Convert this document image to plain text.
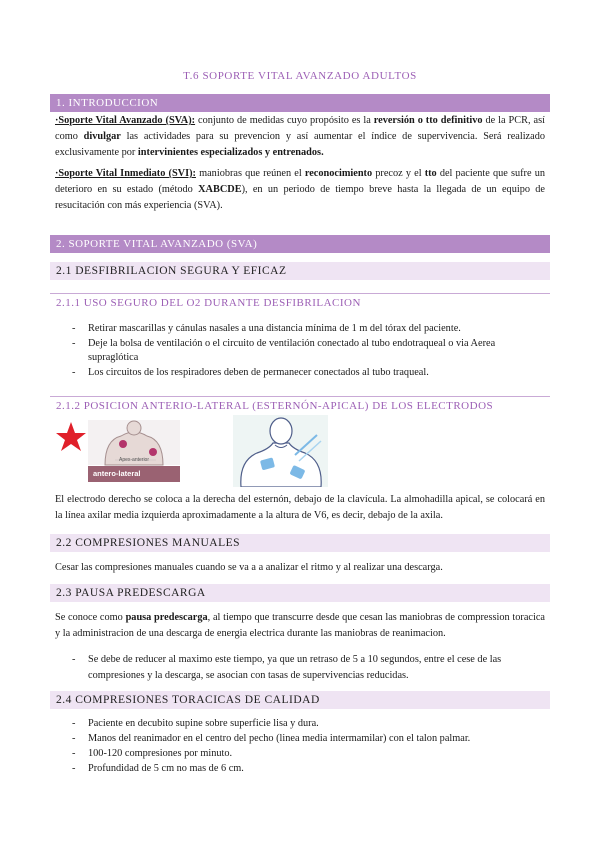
T.6 SOPORTE VITAL AVANZADO ADULTOS
1. INTRODUCCION

·Soporte Vital Avanzado (SVA): conjunto de medidas cuyo propósito es la reversión o tto definitivo de la PCR, así como divulgar las actividades para su prevencion y así aumentar el índice de supervivencia. Será realizado exclusivamente por intervinientes especializados y entrenados.

·Soporte Vital Inmediato (SVI): maniobras que reúnen el reconocimiento precoz y el tto del paciente que sufre un deterioro en su estado (método XABCDE), en un periodo de tiempo breve hasta la llegada de un equipo de resucitación con más experiencia (SVA).

2. SOPORTE VITAL AVANZADO (SVA)
2.1 DESFIBRILACION SEGURA Y EFICAZ
2.1.1 USO SEGURO DEL O2 DURANTE DESFIBRILACION
- Retirar mascarillas y cánulas nasales a una distancia mínima de 1 m del tórax del paciente.
- Deje la bolsa de ventilación o el circuito de ventilación conectado al tubo endotraqueal o via Aerea supraglótica
- Los circuitos de los respiradores deben de permanecer conectados al tubo traqueal.
2.1.2 POSICION ANTERIO-LATERAL (ESTERNÓN-APICAL) DE LOS ELECTRODOS
Apex-anterior
antero-lateral

El electrodo derecho se coloca a la derecha del esternón, debajo de la clavícula. La almohadilla apical, se colocará en la línea axilar media izquierda aproximadamente a la altura de V6, es decir, debajo de la axila.

2.2 COMPRESIONES MANUALES

Cesar las compresiones manuales cuando se va a a analizar el ritmo y al realizar una descarga.

2.3 PAUSA PREDESCARGA

Se conoce como pausa predescarga, al tiempo que transcurre desde que cesan las maniobras de compression toracica y la administracion de una descarga de energia electrica durante las maniobras de reanimacion.

- Se debe de reducer al maximo este tiempo, ya que un retraso de 5 a 10 segundos, entre el cese de las compresiones y la descarga, se asocian con tasas de supervivencias reducidas.
2.4 COMPRESIONES TORACICAS DE CALIDAD
- Paciente en decubito supine sobre superficie lisa y dura.
- Manos del reanimador en el centro del pecho (linea media intermamilar) con el talon palmar.
- 100-120 compresiones por minuto.
- Profundidad de 5 cm no mas de 6 cm.
